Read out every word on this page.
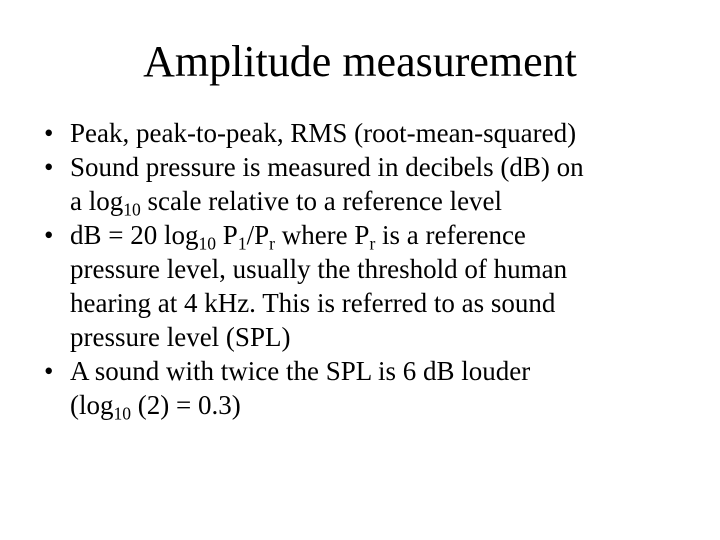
Amplitude measurement
• Peak, peak-to-peak, RMS (root-mean-squared)
• Sound pressure is measured in decibels (dB) on
a $\log_{10}$ scale relative to a reference level
• dB = 20 $\log_{10} P_1/P_r$ where $P_r$ is a reference
pressure level, usually the threshold of human
hearing at 4 kHz. This is referred to as sound
pressure level (SPL)
• A sound with twice the SPL is 6 dB louder
($\log_{10}$ (2) = 0.3)
